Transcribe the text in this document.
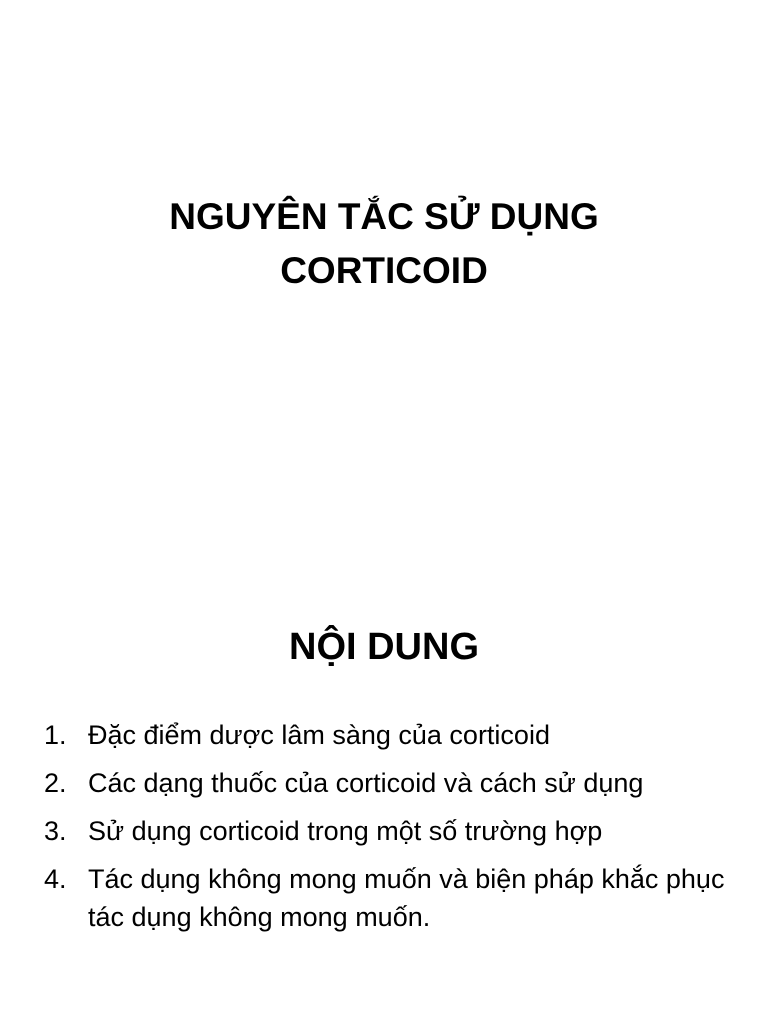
NGUYÊN TẮC SỬ DỤNG
CORTICOID
NỘI DUNG
1. Đặc điểm dược lâm sàng của corticoid
2. Các dạng thuốc của corticoid và cách sử dụng
3. Sử dụng corticoid trong một số trường hợp
4. Tác dụng không mong muốn và biện pháp khắc phục tác dụng không mong muốn.
